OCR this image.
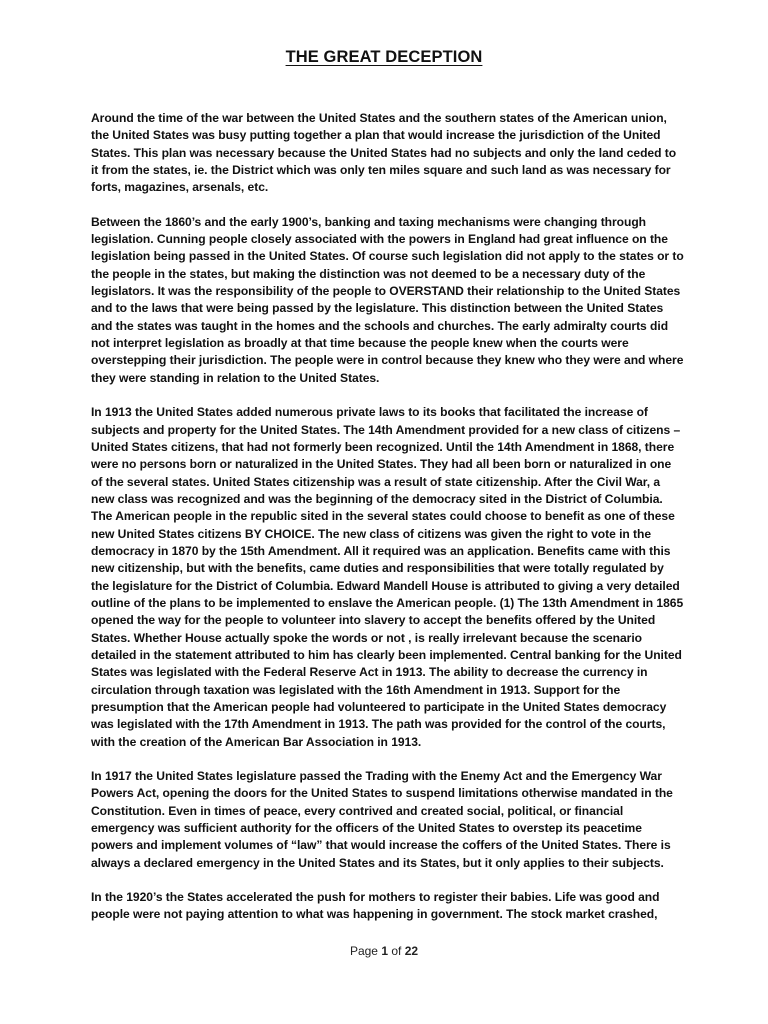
THE GREAT DECEPTION

Around the time of the war between the United States and the southern states of the American union, the United States was busy putting together a plan that would increase the jurisdiction of the United States. This plan was necessary because the United States had no subjects and only the land ceded to it from the states, ie. the District which was only ten miles square and such land as was necessary for forts, magazines, arsenals, etc.

Between the 1860’s and the early 1900’s, banking and taxing mechanisms were changing through legislation. Cunning people closely associated with the powers in England had great influence on the legislation being passed in the United States. Of course such legislation did not apply to the states or to the people in the states, but making the distinction was not deemed to be a necessary duty of the legislators. It was the responsibility of the people to OVERSTAND their relationship to the United States and to the laws that were being passed by the legislature. This distinction between the United States and the states was taught in the homes and the schools and churches. The early admiralty courts did not interpret legislation as broadly at that time because the people knew when the courts were overstepping their jurisdiction. The people were in control because they knew who they were and where they were standing in relation to the United States.

In 1913 the United States added numerous private laws to its books that facilitated the increase of subjects and property for the United States. The 14th Amendment provided for a new class of citizens – United States citizens, that had not formerly been recognized. Until the 14th Amendment in 1868, there were no persons born or naturalized in the United States. They had all been born or naturalized in one of the several states. United States citizenship was a result of state citizenship. After the Civil War, a new class was recognized and was the beginning of the democracy sited in the District of Columbia. The American people in the republic sited in the several states could choose to benefit as one of these new United States citizens BY CHOICE. The new class of citizens was given the right to vote in the democracy in 1870 by the 15th Amendment. All it required was an application. Benefits came with this new citizenship, but with the benefits, came duties and responsibilities that were totally regulated by the legislature for the District of Columbia. Edward Mandell House is attributed to giving a very detailed outline of the plans to be implemented to enslave the American people. (1) The 13th Amendment in 1865 opened the way for the people to volunteer into slavery to accept the benefits offered by the United States. Whether House actually spoke the words or not , is really irrelevant because the scenario detailed in the statement attributed to him has clearly been implemented. Central banking for the United States was legislated with the Federal Reserve Act in 1913. The ability to decrease the currency in circulation through taxation was legislated with the 16th Amendment in 1913. Support for the presumption that the American people had volunteered to participate in the United States democracy was legislated with the 17th Amendment in 1913. The path was provided for the control of the courts, with the creation of the American Bar Association in 1913.

In 1917 the United States legislature passed the Trading with the Enemy Act and the Emergency War Powers Act, opening the doors for the United States to suspend limitations otherwise mandated in the Constitution. Even in times of peace, every contrived and created social, political, or financial emergency was sufficient authority for the officers of the United States to overstep its peacetime powers and implement volumes of “law” that would increase the coffers of the United States. There is always a declared emergency in the United States and its States, but it only applies to their subjects.

In the 1920’s the States accelerated the push for mothers to register their babies. Life was good and people were not paying attention to what was happening in government. The stock market crashed,

Page 1 of 22
